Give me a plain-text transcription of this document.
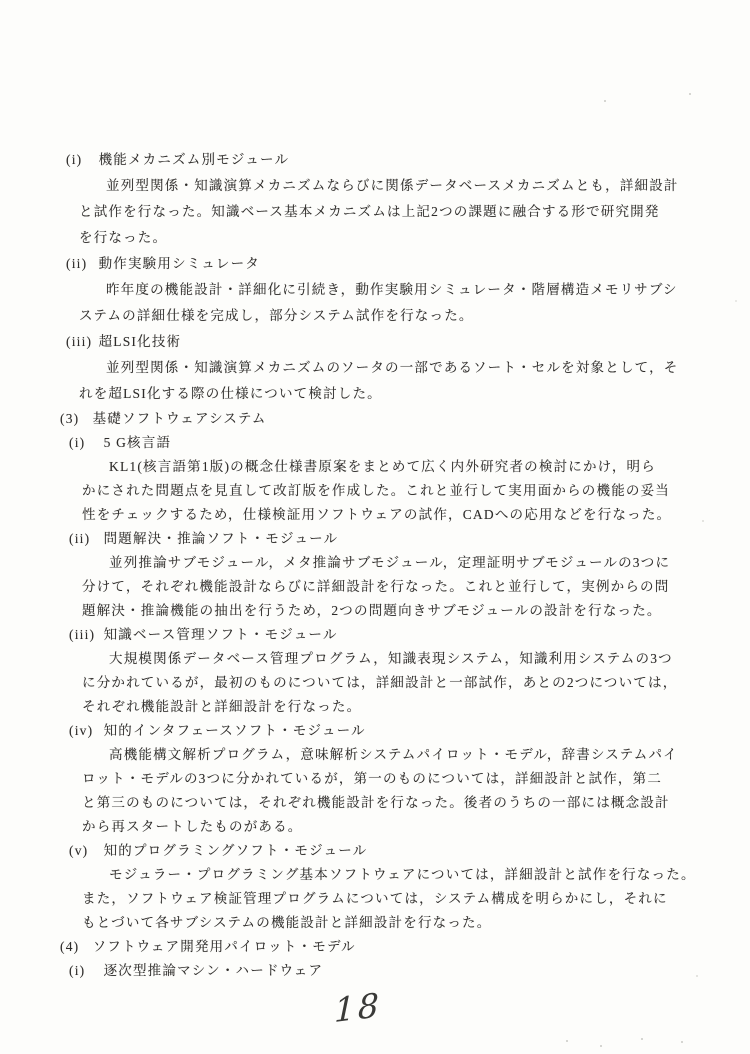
(i) 機能メカニズム別モジュール
並列型関係・知識演算メカニズムならびに関係データベースメカニズムとも，詳細設計
と試作を行なった。知識ベース基本メカニズムは上記2つの課題に融合する形で研究開発
を行なった。
(ii) 動作実験用シミュレータ
昨年度の機能設計・詳細化に引続き，動作実験用シミュレータ・階層構造メモリサブシ
ステムの詳細仕様を完成し，部分システム試作を行なった。
(iii) 超LSI化技術
並列型関係・知識演算メカニズムのソータの一部であるソート・セルを対象として，そ
れを超LSI化する際の仕様について検討した。
(3) 基礎ソフトウェアシステム
(i) 5 G核言語
KL1(核言語第1版)の概念仕様書原案をまとめて広く内外研究者の検討にかけ，明ら
かにされた問題点を見直して改訂版を作成した。これと並行して実用面からの機能の妥当
性をチェックするため，仕様検証用ソフトウェアの試作，CADへの応用などを行なった。
(ii) 問題解決・推論ソフト・モジュール
並列推論サブモジュール，メタ推論サブモジュール，定理証明サブモジュールの3つに
分けて，それぞれ機能設計ならびに詳細設計を行なった。これと並行して，実例からの問
題解決・推論機能の抽出を行うため，2つの問題向きサブモジュールの設計を行なった。
(iii) 知識ベース管理ソフト・モジュール
大規模関係データベース管理プログラム，知識表現システム，知識利用システムの3つ
に分かれているが，最初のものについては，詳細設計と一部試作，あとの2つについては，
それぞれ機能設計と詳細設計を行なった。
(iv) 知的インタフェースソフト・モジュール
高機能構文解析プログラム，意味解析システムパイロット・モデル，辞書システムパイ
ロット・モデルの3つに分かれているが，第一のものについては，詳細設計と試作，第二
と第三のものについては，それぞれ機能設計を行なった。後者のうちの一部には概念設計
から再スタートしたものがある。
(v) 知的プログラミングソフト・モジュール
モジュラー・プログラミング基本ソフトウェアについては，詳細設計と試作を行なった。
また，ソフトウェア検証管理プログラムについては，システム構成を明らかにし，それに
もとづいて各サブシステムの機能設計と詳細設計を行なった。
(4) ソフトウェア開発用パイロット・モデル
(i) 逐次型推論マシン・ハードウェア
18
